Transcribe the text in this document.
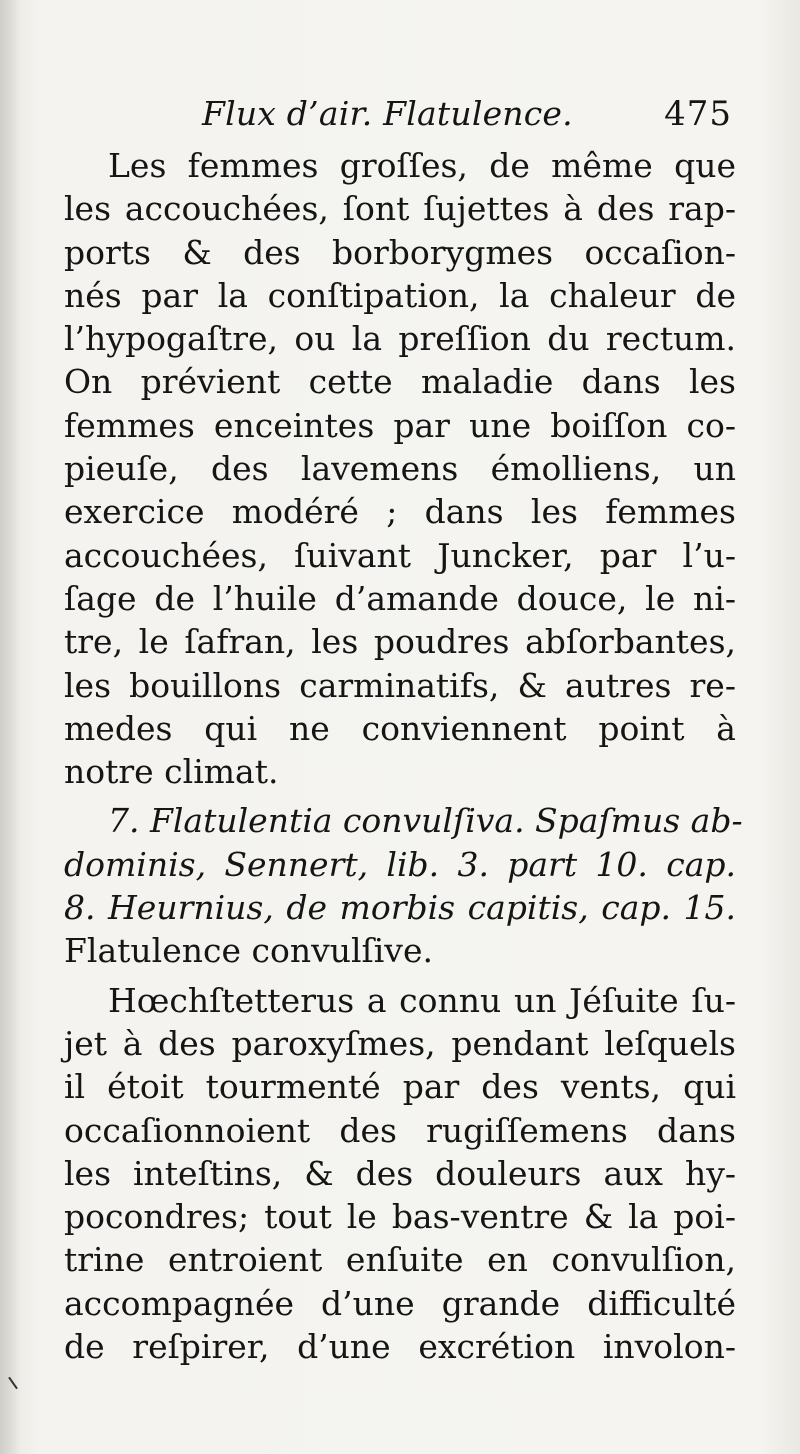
Flux d’air. Flatulence.	475
Les femmes groſſes, de même que
les accouchées, ſont ſujettes à des rap-
ports & des borborygmes occaſion-
nés par la conſtipation, la chaleur de
l’hypogaſtre, ou la preſſion du rectum.
On prévient cette maladie dans les
femmes enceintes par une boiſſon co-
pieuſe, des lavemens émolliens, un
exercice modéré ; dans les femmes
accouchées, ſuivant Juncker, par l’u-
ſage de l’huile d’amande douce, le ni-
tre, le ſafran, les poudres abſorbantes,
les bouillons carminatifs, & autres re-
medes qui ne conviennent point à
notre climat.
7. Flatulentia convulſiva. Spaſmus ab-
dominis, Sennert, lib. 3. part 10. cap.
8. Heurnius, de morbis capitis, cap. 15.
Flatulence convulſive.
Hœchſtetterus a connu un Jéſuite ſu-
jet à des paroxyſmes, pendant leſquels
il étoit tourmenté par des vents, qui
occaſionnoient des rugiſſemens dans
les inteſtins, & des douleurs aux hy-
pocondres; tout le bas-ventre & la poi-
trine entroient enſuite en convulſion,
accompagnée d’une grande difficulté
de reſpirer, d’une excrétion involon-
